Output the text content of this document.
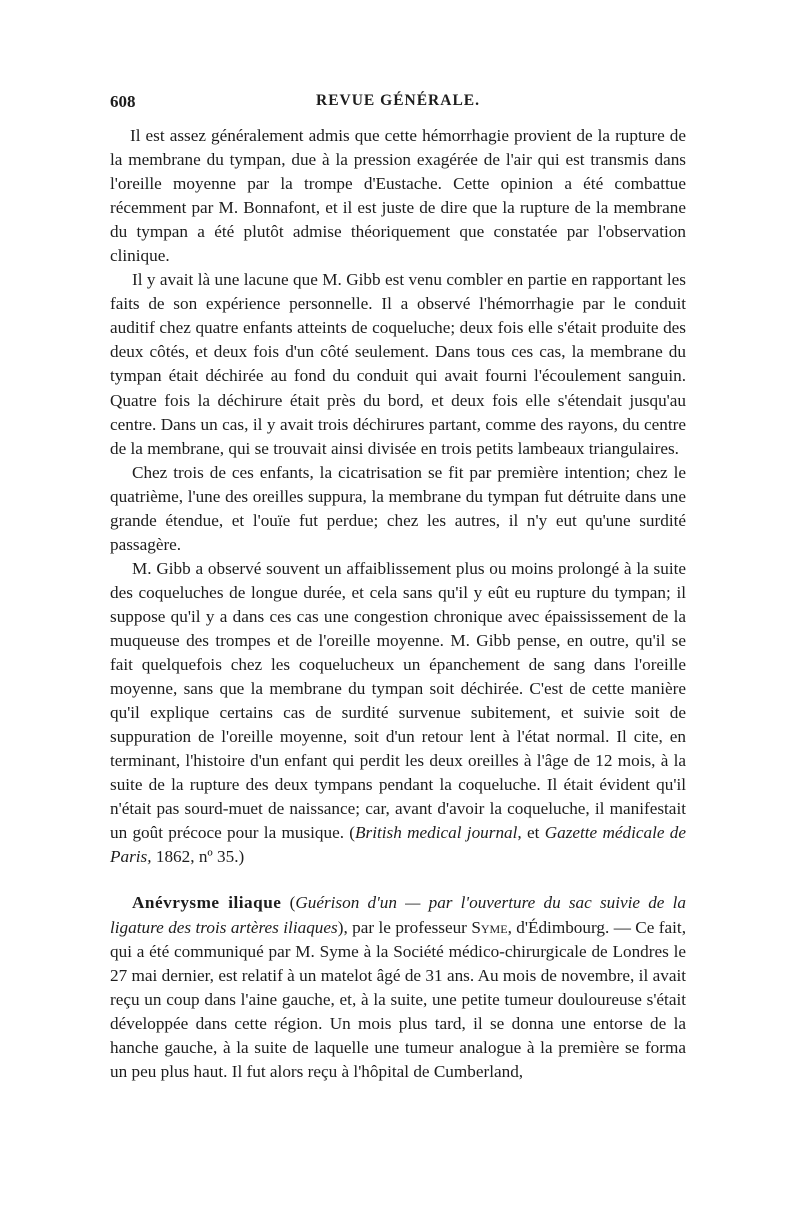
608	REVUE GÉNÉRALE.

Il est assez généralement admis que cette hémorrhagie provient de la rupture de la membrane du tympan, due à la pression exagérée de l'air qui est transmis dans l'oreille moyenne par la trompe d'Eustache. Cette opinion a été combattue récemment par M. Bonnafont, et il est juste de dire que la rupture de la membrane du tympan a été plutôt admise théoriquement que constatée par l'observation clinique.

Il y avait là une lacune que M. Gibb est venu combler en partie en rapportant les faits de son expérience personnelle. Il a observé l'hémorrhagie par le conduit auditif chez quatre enfants atteints de coqueluche; deux fois elle s'était produite des deux côtés, et deux fois d'un côté seulement. Dans tous ces cas, la membrane du tympan était déchirée au fond du conduit qui avait fourni l'écoulement sanguin. Quatre fois la déchirure était près du bord, et deux fois elle s'étendait jusqu'au centre. Dans un cas, il y avait trois déchirures partant, comme des rayons, du centre de la membrane, qui se trouvait ainsi divisée en trois petits lambeaux triangulaires.

Chez trois de ces enfants, la cicatrisation se fit par première intention; chez le quatrième, l'une des oreilles suppura, la membrane du tympan fut détruite dans une grande étendue, et l'ouïe fut perdue; chez les autres, il n'y eut qu'une surdité passagère.

M. Gibb a observé souvent un affaiblissement plus ou moins prolongé à la suite des coqueluches de longue durée, et cela sans qu'il y eût eu rupture du tympan; il suppose qu'il y a dans ces cas une congestion chronique avec épaississement de la muqueuse des trompes et de l'oreille moyenne. M. Gibb pense, en outre, qu'il se fait quelquefois chez les coquelucheux un épanchement de sang dans l'oreille moyenne, sans que la membrane du tympan soit déchirée. C'est de cette manière qu'il explique certains cas de surdité survenue subitement, et suivie soit de suppuration de l'oreille moyenne, soit d'un retour lent à l'état normal. Il cite, en terminant, l'histoire d'un enfant qui perdit les deux oreilles à l'âge de 12 mois, à la suite de la rupture des deux tympans pendant la coqueluche. Il était évident qu'il n'était pas sourd-muet de naissance; car, avant d'avoir la coqueluche, il manifestait un goût précoce pour la musique. (British medical journal, et Gazette médicale de Paris, 1862, nº 35.)

Anévrysme iliaque (Guérison d'un — par l'ouverture du sac suivie de la ligature des trois artères iliaques), par le professeur Syme, d'Édimbourg. — Ce fait, qui a été communiqué par M. Syme à la Société médico-chirurgicale de Londres le 27 mai dernier, est relatif à un matelot âgé de 31 ans. Au mois de novembre, il avait reçu un coup dans l'aine gauche, et, à la suite, une petite tumeur douloureuse s'était développée dans cette région. Un mois plus tard, il se donna une entorse de la hanche gauche, à la suite de laquelle une tumeur analogue à la première se forma un peu plus haut. Il fut alors reçu à l'hôpital de Cumberland,
